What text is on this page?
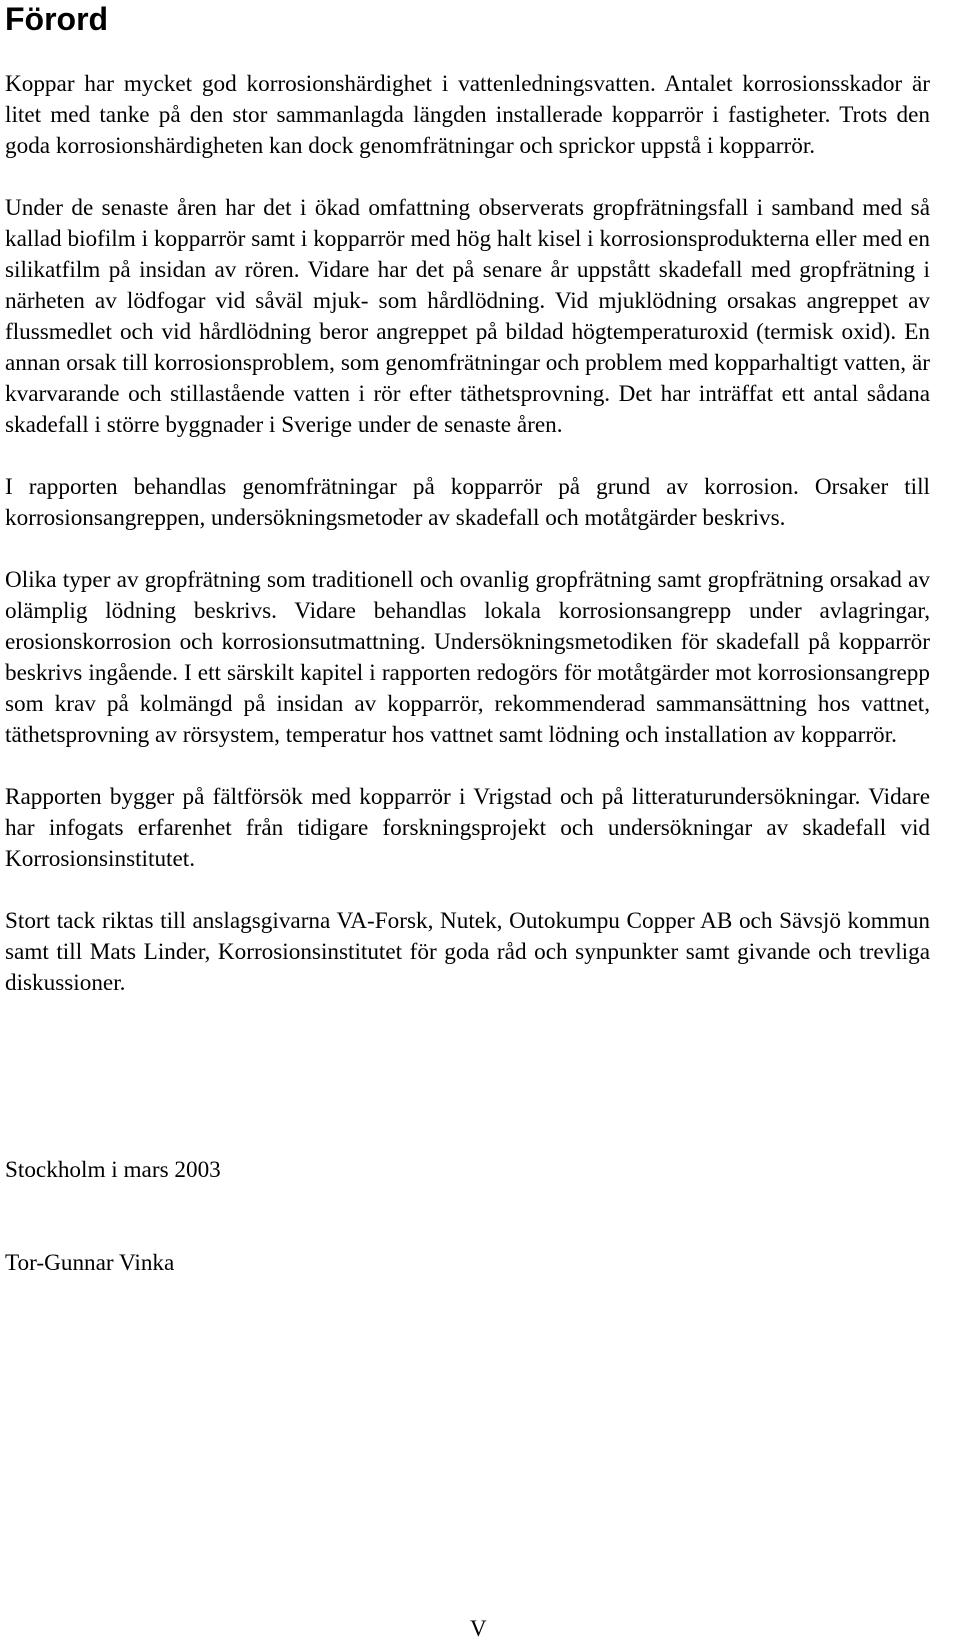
Förord

Koppar har mycket god korrosionshärdighet i vattenledningsvatten. Antalet korrosionsskador är litet med tanke på den stor sammanlagda längden installerade kopparrör i fastigheter. Trots den goda korrosionshärdigheten kan dock genomfrätningar och sprickor uppstå i kopparrör.

Under de senaste åren har det i ökad omfattning observerats gropfrätningsfall i samband med så kallad biofilm i kopparrör samt i kopparrör med hög halt kisel i korrosionsprodukterna eller med en silikatfilm på insidan av rören. Vidare har det på senare år uppstått skadefall med gropfrätning i närheten av lödfogar vid såväl mjuk- som hårdlödning. Vid mjuklödning orsakas angreppet av flussmedlet och vid hårdlödning beror angreppet på bildad högtemperaturoxid (termisk oxid). En annan orsak till korrosionsproblem, som genomfrätningar och problem med kopparhaltigt vatten, är kvarvarande och stillastående vatten i rör efter täthetsprovning. Det har inträffat ett antal sådana skadefall i större byggnader i Sverige under de senaste åren.

I rapporten behandlas genomfrätningar på kopparrör på grund av korrosion. Orsaker till korrosionsangreppen, undersökningsmetoder av skadefall och motåtgärder beskrivs.

Olika typer av gropfrätning som traditionell och ovanlig gropfrätning samt gropfrätning orsakad av olämplig lödning beskrivs. Vidare behandlas lokala korrosionsangrepp under avlagringar, erosionskorrosion och korrosionsutmattning. Undersökningsmetodiken för skadefall på kopparrör beskrivs ingående. I ett särskilt kapitel i rapporten redogörs för motåtgärder mot korrosionsangrepp som krav på kolmängd på insidan av kopparrör, rekommenderad sammansättning hos vattnet, täthetsprovning av rörsystem, temperatur hos vattnet samt lödning och installation av kopparrör.

Rapporten bygger på fältförsök med kopparrör i Vrigstad och på litteraturundersökningar. Vidare har infogats erfarenhet från tidigare forskningsprojekt och undersökningar av skadefall vid Korrosionsinstitutet.

Stort tack riktas till anslagsgivarna VA-Forsk, Nutek, Outokumpu Copper AB och Sävsjö kommun samt till Mats Linder, Korrosionsinstitutet för goda råd och synpunkter samt givande och trevliga diskussioner.

Stockholm i mars 2003

Tor-Gunnar Vinka

V
